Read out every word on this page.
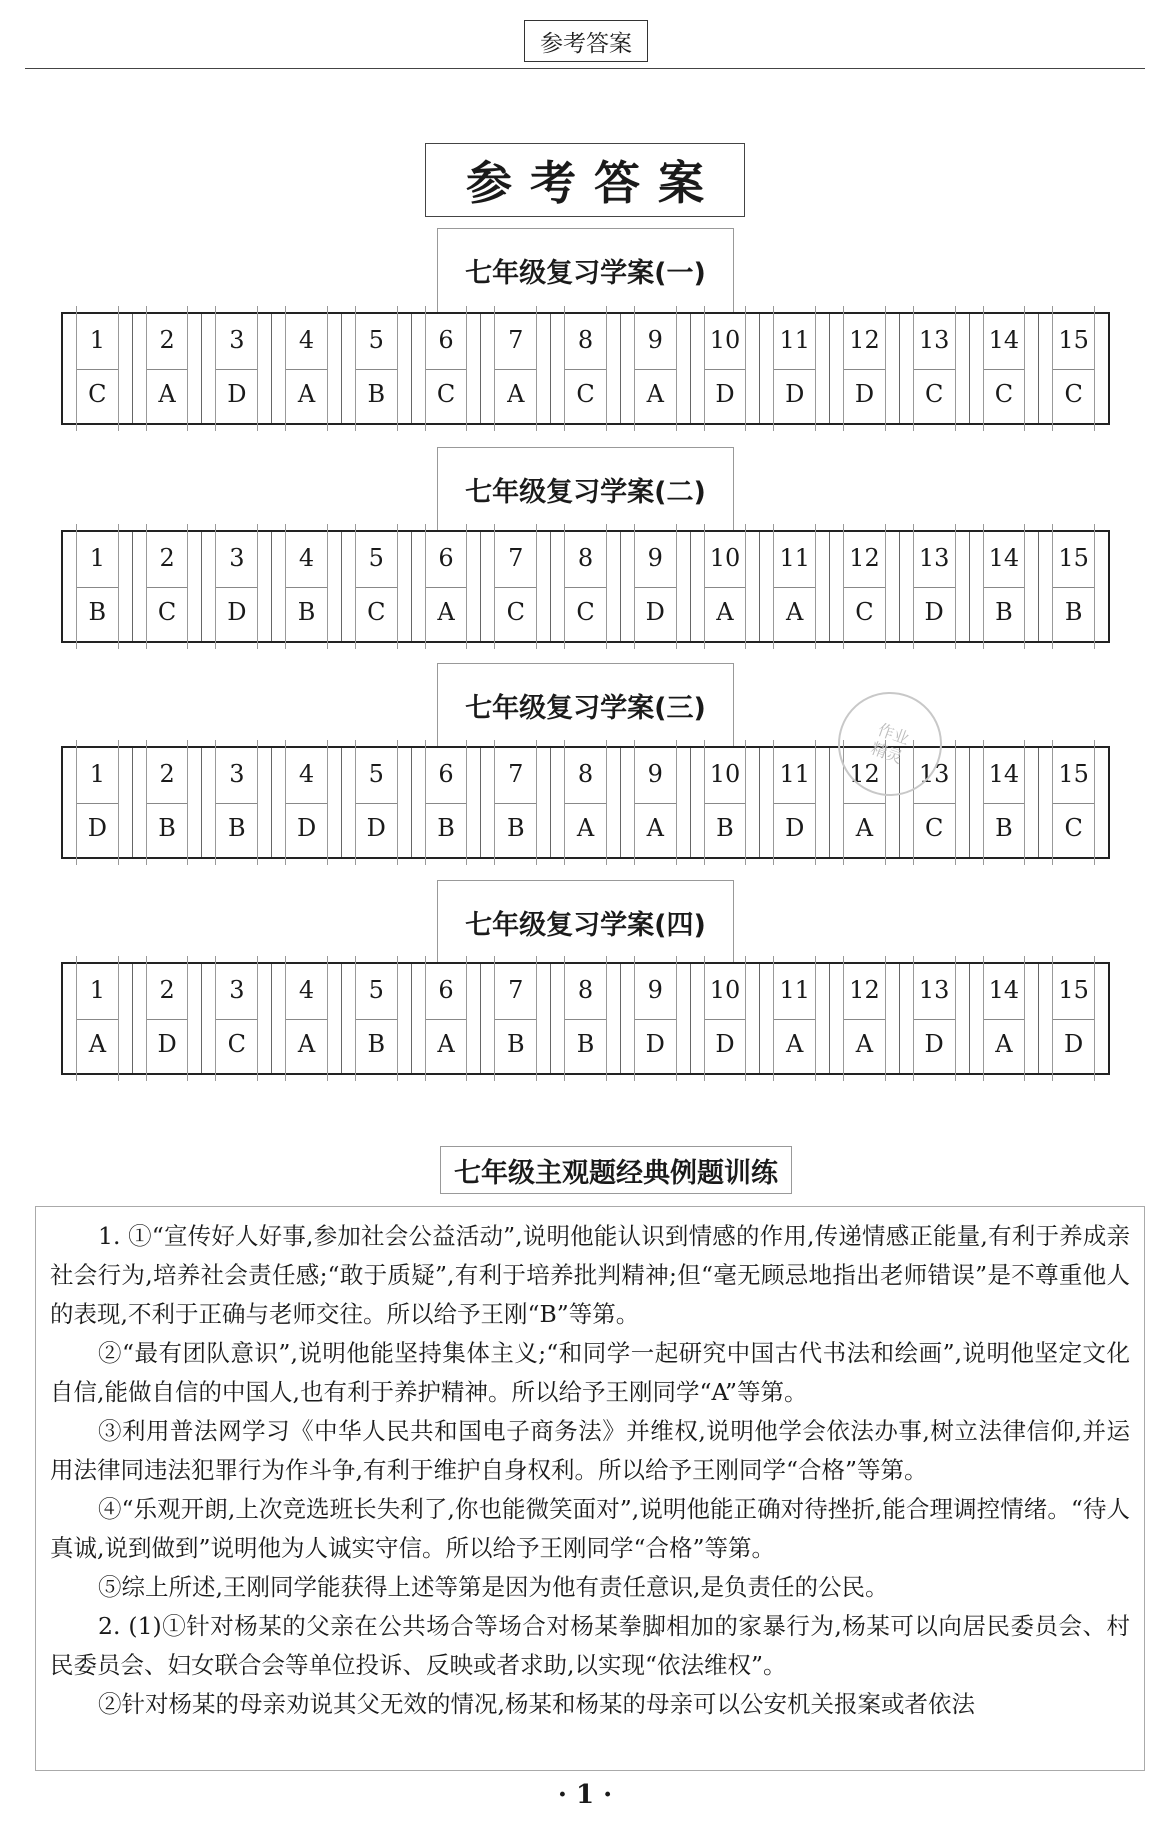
参考答案
参考答案
七年级复习学案(一)
1
C
2
A
3
D
4
A
5
B
6
C
7
A
8
C
9
A
10
D
11
D
12
D
13
C
14
C
15
C
七年级复习学案(二)
1
B
2
C
3
D
4
B
5
C
6
A
7
C
8
C
9
D
10
A
11
A
12
C
13
D
14
B
15
B
七年级复习学案(三)
1
D
2
B
3
B
4
D
5
D
6
B
7
B
8
A
9
A
10
B
11
D
12
A
13
C
14
B
15
C
七年级复习学案(四)
1
A
2
D
3
C
4
A
5
B
6
A
7
B
8
B
9
D
10
D
11
A
12
A
13
D
14
A
15
D
作业
精灵
七年级主观题经典例题训练

1. ①“宣传好人好事,参加社会公益活动”,说明他能认识到情感的作用,传递情感正能量,有利于养成亲社会行为,培养社会责任感;“敢于质疑”,有利于培养批判精神;但“毫无顾忌地指出老师错误”是不尊重他人的表现,不利于正确与老师交往。所以给予王刚“B”等第。

②“最有团队意识”,说明他能坚持集体主义;“和同学一起研究中国古代书法和绘画”,说明他坚定文化自信,能做自信的中国人,也有利于养护精神。所以给予王刚同学“A”等第。

③利用普法网学习《中华人民共和国电子商务法》并维权,说明他学会依法办事,树立法律信仰,并运用法律同违法犯罪行为作斗争,有利于维护自身权利。所以给予王刚同学“合格”等第。

④“乐观开朗,上次竞选班长失利了,你也能微笑面对”,说明他能正确对待挫折,能合理调控情绪。“待人真诚,说到做到”说明他为人诚实守信。所以给予王刚同学“合格”等第。

⑤综上所述,王刚同学能获得上述等第是因为他有责任意识,是负责任的公民。

2. (1)①针对杨某的父亲在公共场合等场合对杨某拳脚相加的家暴行为,杨某可以向居民委员会、村民委员会、妇女联合会等单位投诉、反映或者求助,以实现“依法维权”。

②针对杨某的母亲劝说其父无效的情况,杨某和杨某的母亲可以公安机关报案或者依法

· 1 ·
